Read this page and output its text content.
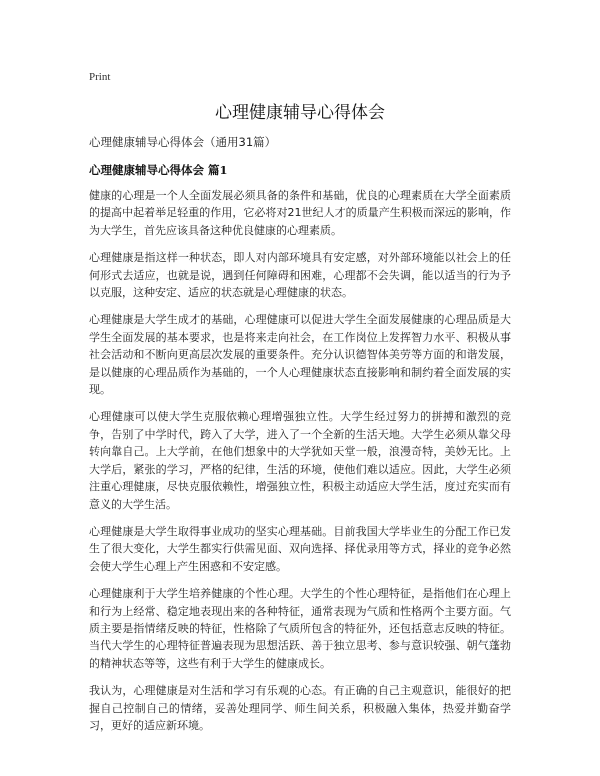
Print
心理健康辅导心得体会
心理健康辅导心得体会（通用31篇）
心理健康辅导心得体会 篇1

健康的心理是一个人全面发展必须具备的条件和基础，优良的心理素质在大学全面素质的提高中起着举足轻重的作用，它必将对21世纪人才的质量产生积极而深远的影响，作为大学生，首先应该具备这种优良健康的心理素质。

心理健康是指这样一种状态，即人对内部环境具有安定感，对外部环境能以社会上的任何形式去适应，也就是说，遇到任何障碍和困难，心理都不会失调，能以适当的行为予以克服，这种安定、适应的状态就是心理健康的状态。

心理健康是大学生成才的基础，心理健康可以促进大学生全面发展健康的心理品质是大学生全面发展的基本要求，也是将来走向社会，在工作岗位上发挥智力水平、积极从事社会活动和不断向更高层次发展的重要条件。充分认识德智体美劳等方面的和谐发展，是以健康的心理品质作为基础的，一个人心理健康状态直接影响和制约着全面发展的实现。

心理健康可以使大学生克服依赖心理增强独立性。大学生经过努力的拼搏和激烈的竞争，告别了中学时代，跨入了大学，进入了一个全新的生活天地。大学生必须从靠父母转向靠自己。上大学前，在他们想象中的大学犹如天堂一般，浪漫奇特，美妙无比。上大学后，紧张的学习，严格的纪律，生活的环境，使他们难以适应。因此，大学生必须注重心理健康，尽快克服依赖性，增强独立性，积极主动适应大学生活，度过充实而有意义的大学生活。

心理健康是大学生取得事业成功的坚实心理基础。目前我国大学毕业生的分配工作已发生了很大变化，大学生都实行供需见面、双向选择、择优录用等方式，择业的竞争必然会使大学生心理上产生困惑和不安定感。

心理健康利于大学生培养健康的个性心理。大学生的个性心理特征，是指他们在心理上和行为上经常、稳定地表现出来的各种特征，通常表现为气质和性格两个主要方面。气质主要是指情绪反映的特征，性格除了气质所包含的特征外，还包括意志反映的特征。当代大学生的心理特征普遍表现为思想活跃、善于独立思考、参与意识较强、朝气蓬勃的精神状态等等，这些有利于大学生的健康成长。

我认为，心理健康是对生活和学习有乐观的心态。有正确的自己主观意识，能很好的把握自己控制自己的情绪，妥善处理同学、师生间关系，积极融入集体，热爱并勤奋学习，更好的适应新环境。
